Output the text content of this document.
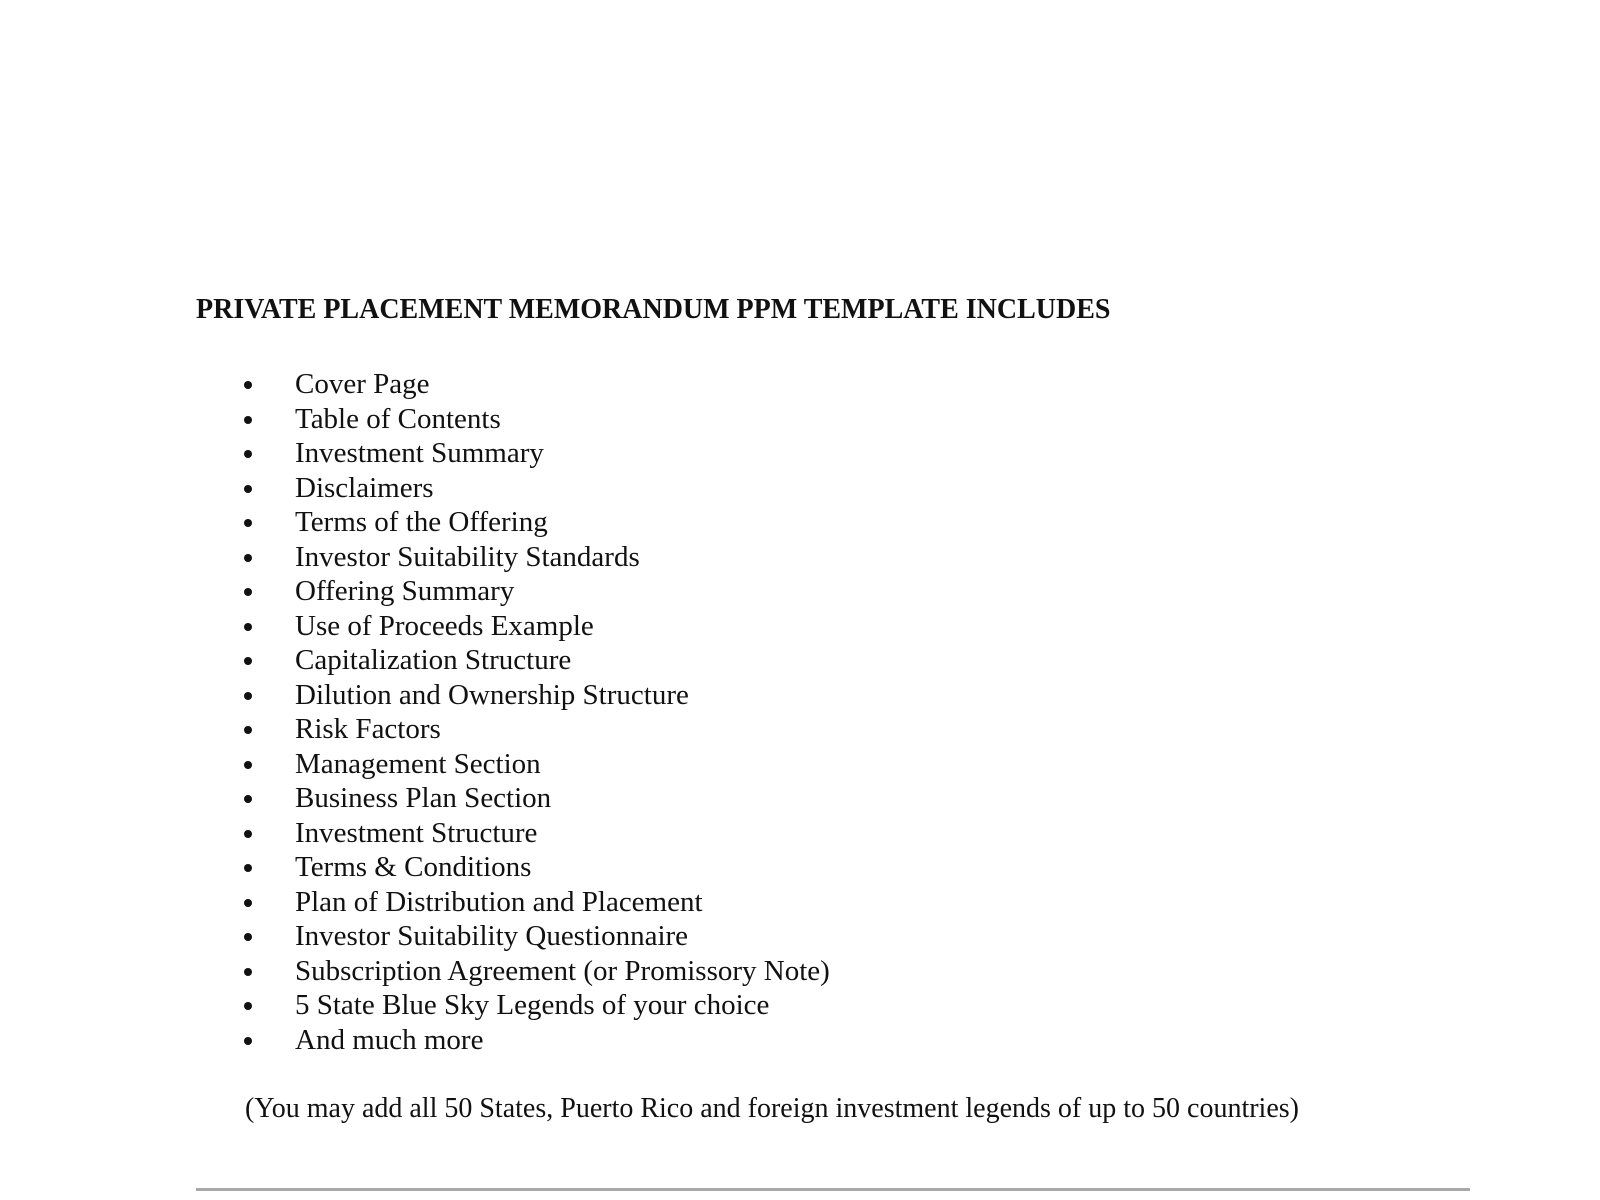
PRIVATE PLACEMENT MEMORANDUM PPM TEMPLATE INCLUDES
Cover Page
Table of Contents
Investment Summary
Disclaimers
Terms of the Offering
Investor Suitability Standards
Offering Summary
Use of Proceeds Example
Capitalization Structure
Dilution and Ownership Structure
Risk Factors
Management Section
Business Plan Section
Investment Structure
Terms & Conditions
Plan of Distribution and Placement
Investor Suitability Questionnaire
Subscription Agreement (or Promissory Note)
5 State Blue Sky Legends of your choice
And much more

(You may add all 50 States, Puerto Rico and foreign investment legends of up to 50 countries)
